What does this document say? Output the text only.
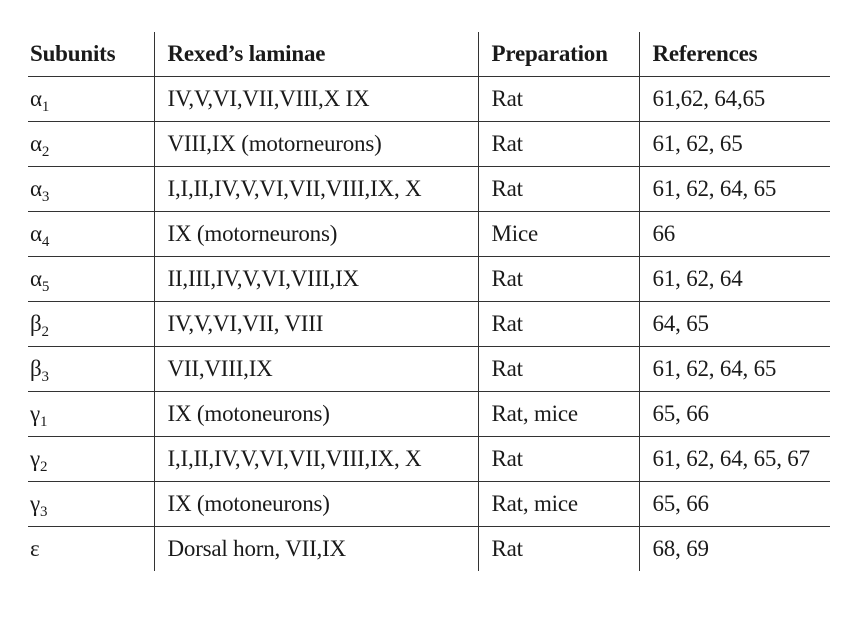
Subunits	Rexed’s laminae	Preparation	References
$\alpha_1$	IV,V,VI,VII,VIII,X IX	Rat	61,62, 64,65
$\alpha_2$	VIII,IX (motorneurons)	Rat	61, 62, 65
$\alpha_3$	I,I,II,IV,V,VI,VII,VIII,IX, X	Rat	61, 62, 64, 65
$\alpha_4$	IX (motorneurons)	Mice	66
$\alpha_5$	II,III,IV,V,VI,VIII,IX	Rat	61, 62, 64
$\beta_2$	IV,V,VI,VII, VIII	Rat	64, 65
$\beta_3$	VII,VIII,IX	Rat	61, 62, 64, 65
$\gamma_1$	IX (motoneurons)	Rat, mice	65, 66
$\gamma_2$	I,I,II,IV,V,VI,VII,VIII,IX, X	Rat	61, 62, 64, 65, 67
$\gamma_3$	IX (motoneurons)	Rat, mice	65, 66
ε	Dorsal horn, VII,IX	Rat	68, 69
